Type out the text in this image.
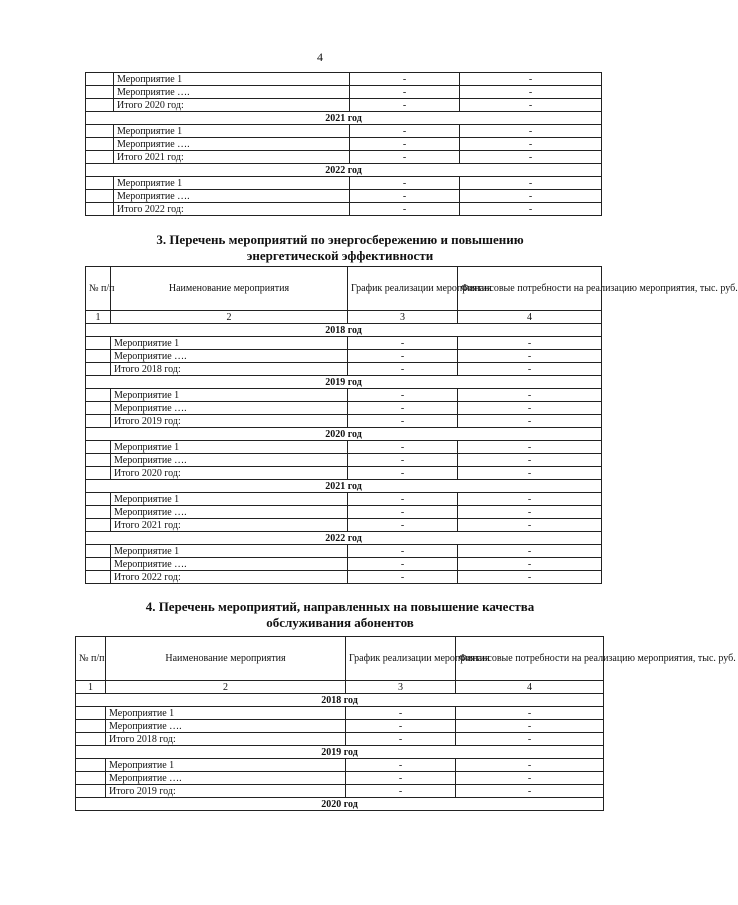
4
	Мероприятие 1	-	-
	Мероприятие ….	-	-
	Итого 2020 год:	-	-
2021 год			
	Мероприятие 1	-	-
	Мероприятие ….	-	-
	Итого 2021 год:	-	-
2022 год			
	Мероприятие 1	-	-
	Мероприятие ….	-	-
	Итого 2022 год:	-	-
3. Перечень мероприятий по энергосбережению и повышению
энергетической эффективности
№ п/п	Наименование мероприятия	График реализации мероприятия	Финансовые потребности на реализацию мероприятия, тыс. руб.
1	2	3	4
2018 год			
	Мероприятие 1	-	-
	Мероприятие ….	-	-
	Итого 2018 год:	-	-
2019 год			
	Мероприятие 1	-	-
	Мероприятие ….	-	-
	Итого 2019 год:	-	-
2020 год			
	Мероприятие 1	-	-
	Мероприятие ….	-	-
	Итого 2020 год:	-	-
2021 год			
	Мероприятие 1	-	-
	Мероприятие ….	-	-
	Итого 2021 год:	-	-
2022 год			
	Мероприятие 1	-	-
	Мероприятие ….	-	-
	Итого 2022 год:	-	-
4. Перечень мероприятий, направленных на повышение качества
обслуживания абонентов
№ п/п	Наименование мероприятия	График реализации мероприятия	Финансовые потребности на реализацию мероприятия, тыс. руб.
1	2	3	4
2018 год			
	Мероприятие 1	-	-
	Мероприятие ….	-	-
	Итого 2018 год:	-	-
2019 год			
	Мероприятие 1	-	-
	Мероприятие ….	-	-
	Итого 2019 год:	-	-
2020 год			
